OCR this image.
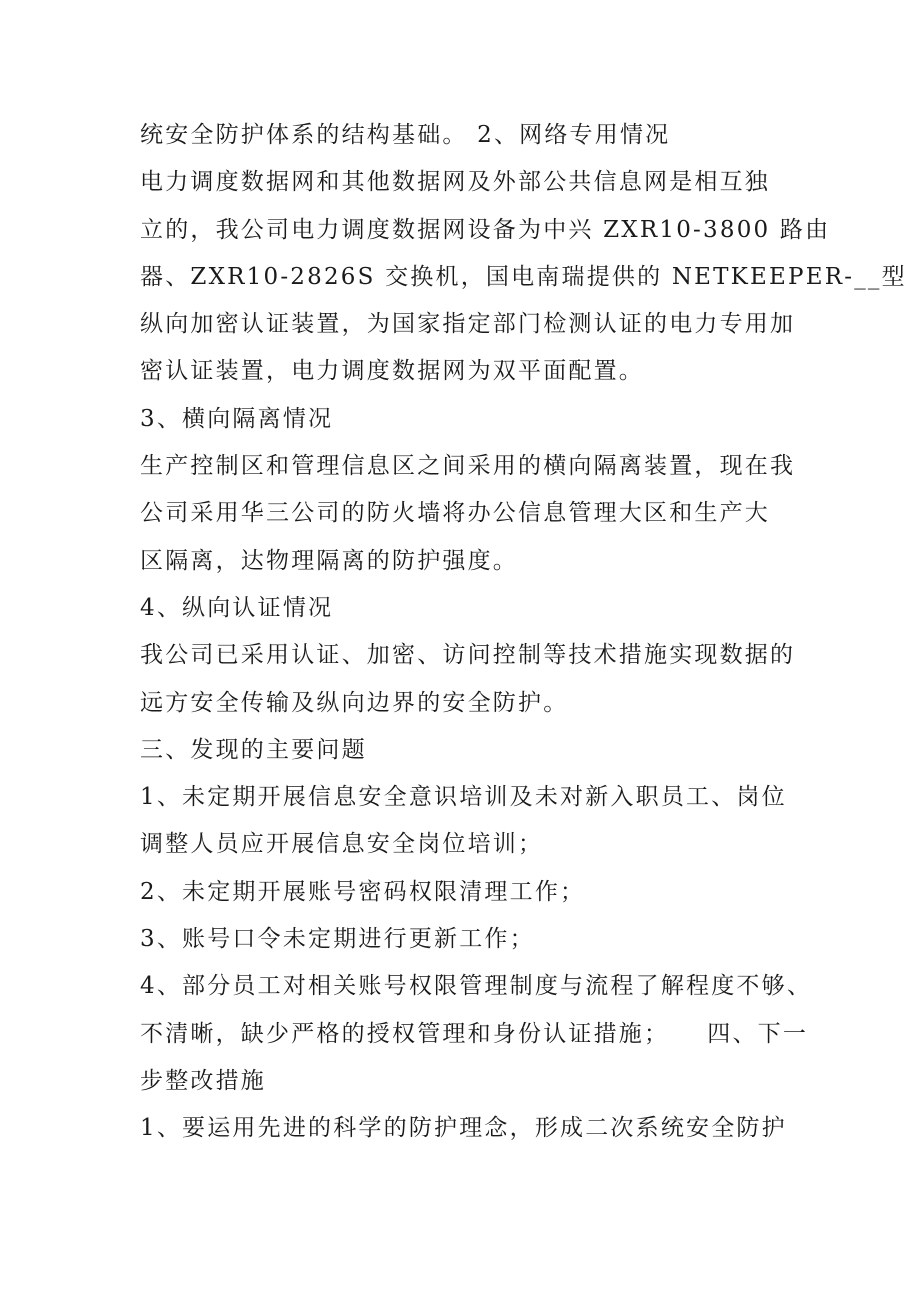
统安全防护体系的结构基础。 2、网络专用情况
电力调度数据网和其他数据网及外部公共信息网是相互独
立的，我公司电力调度数据网设备为中兴 ZXR10-3800 路由
器、ZXR10-2826S 交换机，国电南瑞提供的 NETKEEPER-__型
纵向加密认证装置，为国家指定部门检测认证的电力专用加
密认证装置，电力调度数据网为双平面配置。
3、横向隔离情况
生产控制区和管理信息区之间采用的横向隔离装置，现在我
公司采用华三公司的防火墙将办公信息管理大区和生产大
区隔离，达物理隔离的防护强度。
4、纵向认证情况
我公司已采用认证、加密、访问控制等技术措施实现数据的
远方安全传输及纵向边界的安全防护。
三、发现的主要问题
1、未定期开展信息安全意识培训及未对新入职员工、岗位
调整人员应开展信息安全岗位培训；
2、未定期开展账号密码权限清理工作；
3、账号口令未定期进行更新工作；
4、部分员工对相关账号权限管理制度与流程了解程度不够、
不清晰，缺少严格的授权管理和身份认证措施；    四、下一
步整改措施
1、要运用先进的科学的防护理念，形成二次系统安全防护
